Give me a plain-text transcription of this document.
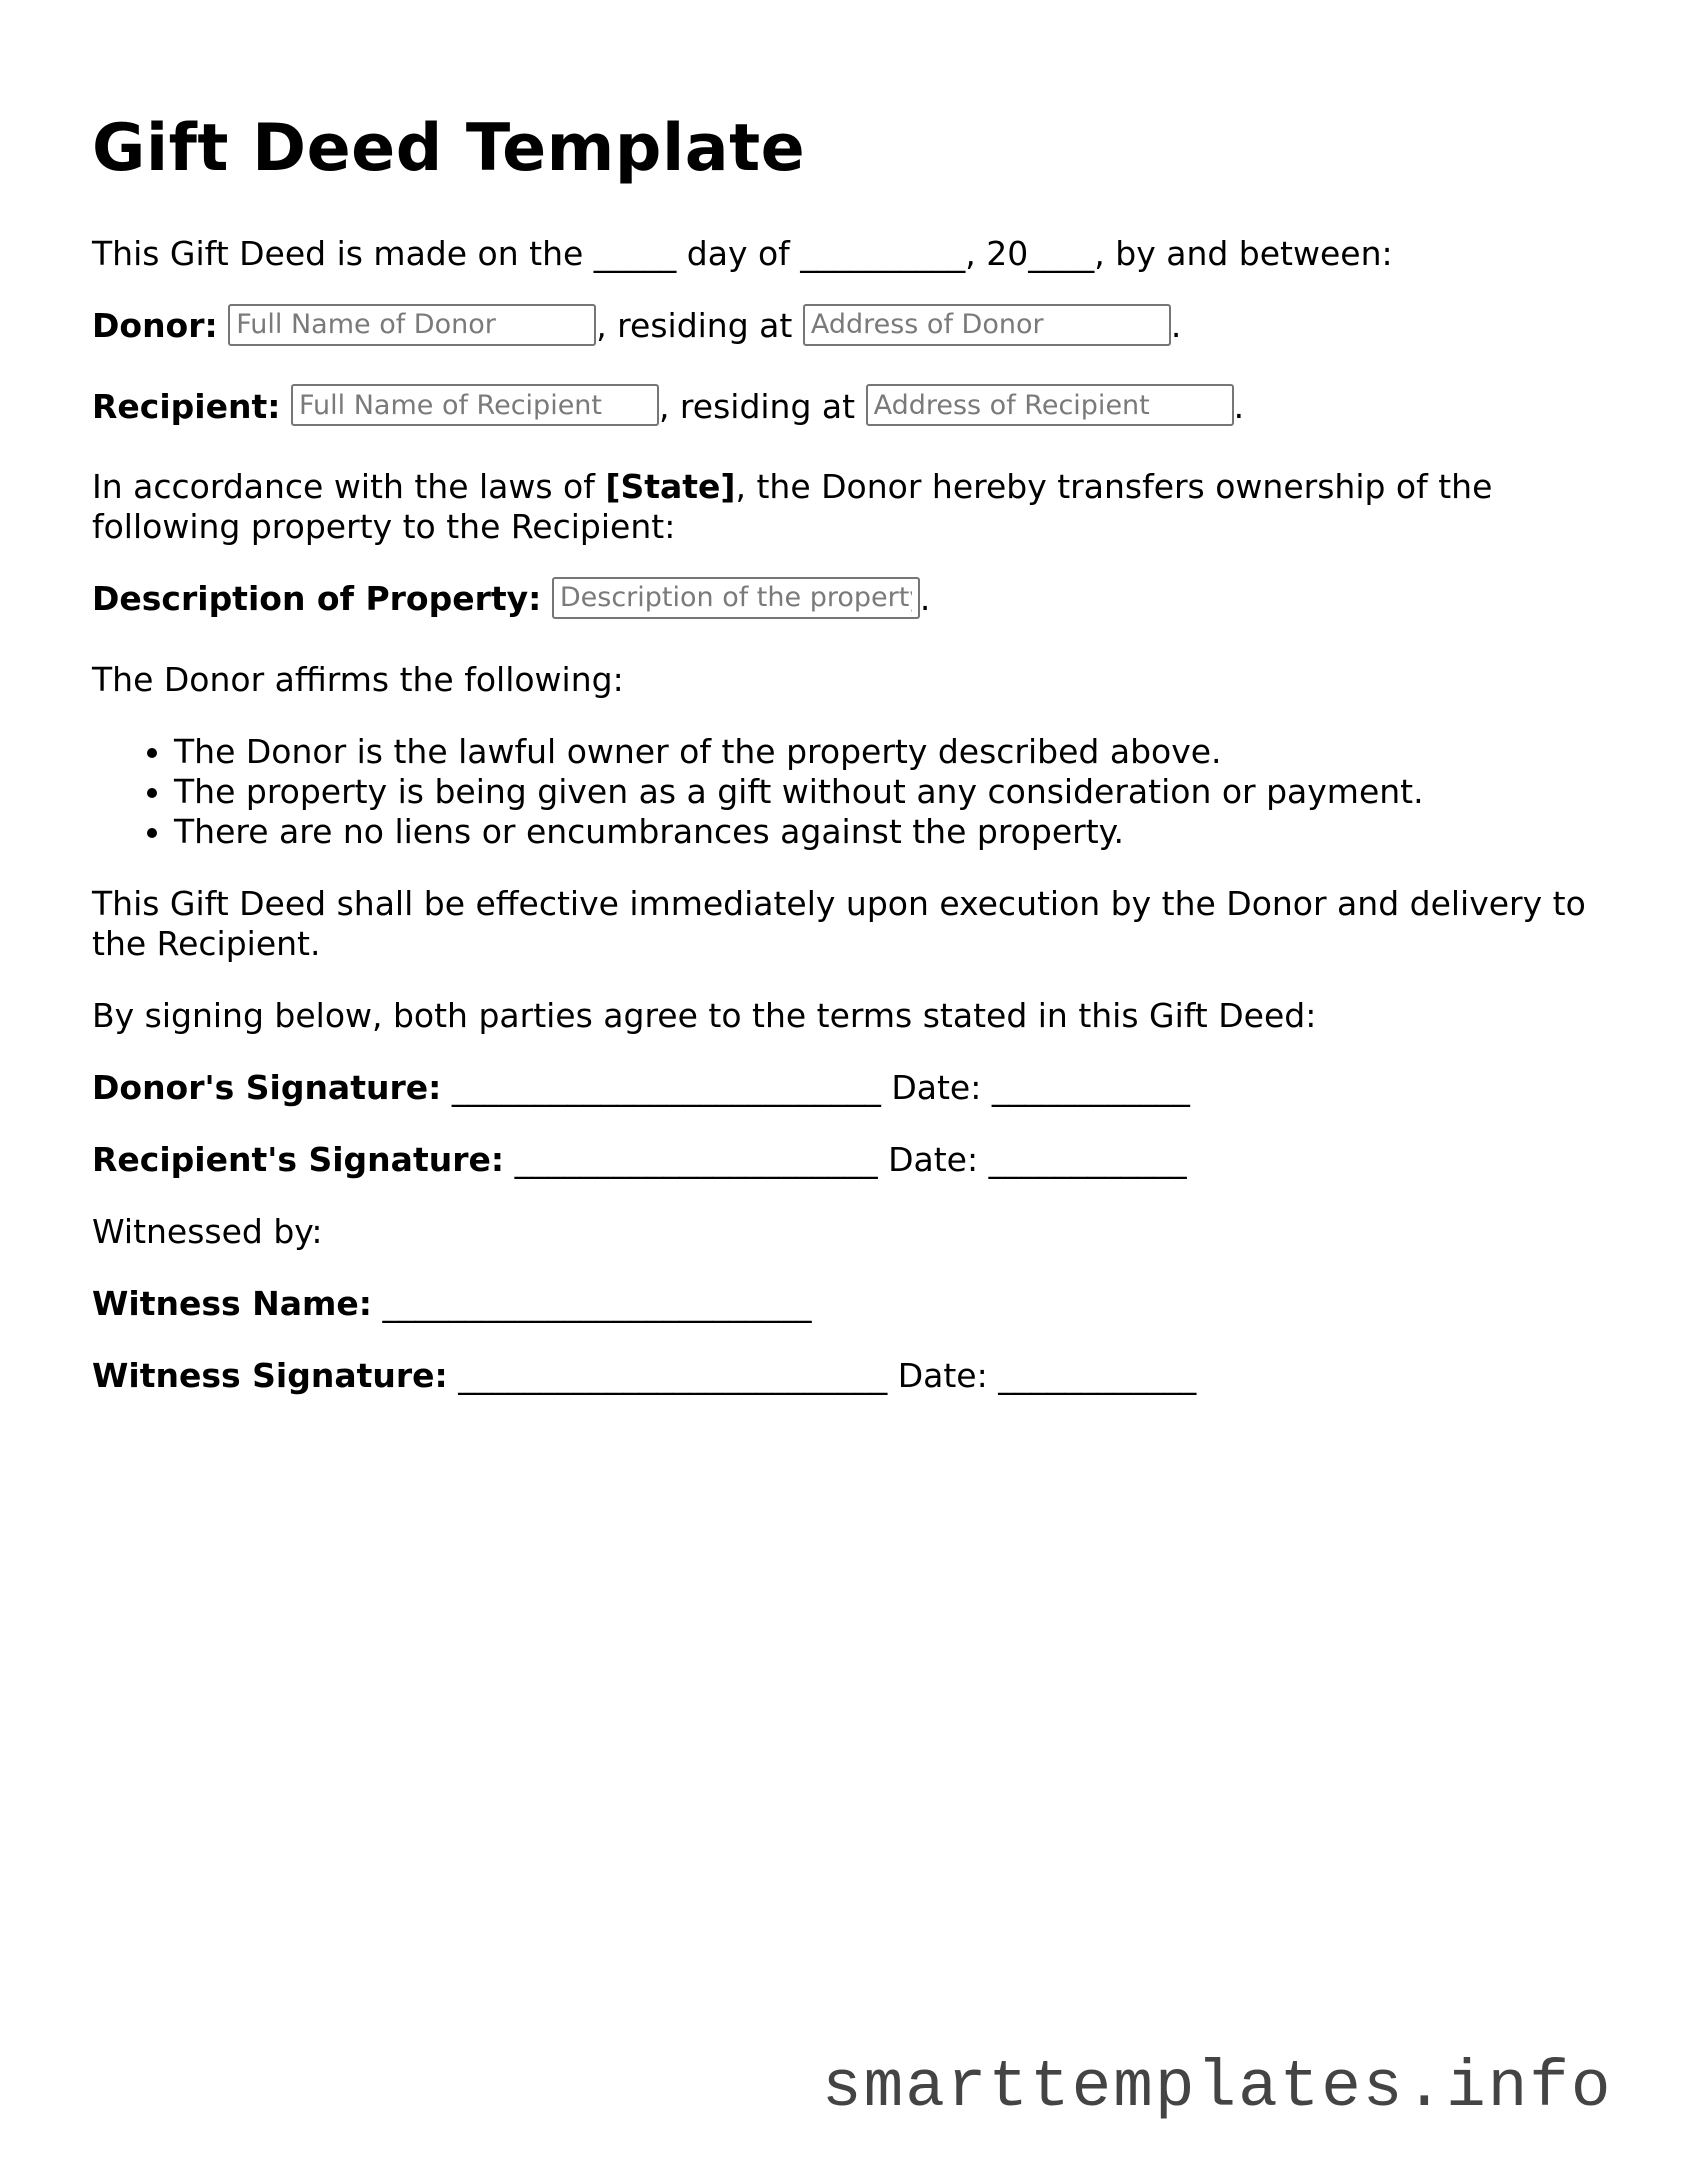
Gift Deed Template

This Gift Deed is made on the _____ day of __________, 20____, by and between:

Donor: Full Name of Donor	, residing at Address of Donor	.
Recipient: Full Name of Recipient	, residing at Address of Recipient	.

In accordance with the laws of [State], the Donor hereby transfers ownership of the following property to the Recipient:

Description of Property: Description of the property	.

The Donor affirms the following:

• The Donor is the lawful owner of the property described above.
• The property is being given as a gift without any consideration or payment.
• There are no liens or encumbrances against the property.

This Gift Deed shall be effective immediately upon execution by the Donor and delivery to the Recipient.

By signing below, both parties agree to the terms stated in this Gift Deed:

Donor's Signature: __________________________ Date: ____________

Recipient's Signature: ______________________ Date: ____________

Witnessed by:

Witness Name: __________________________

Witness Signature: __________________________ Date: ____________

smarttemplates.info
